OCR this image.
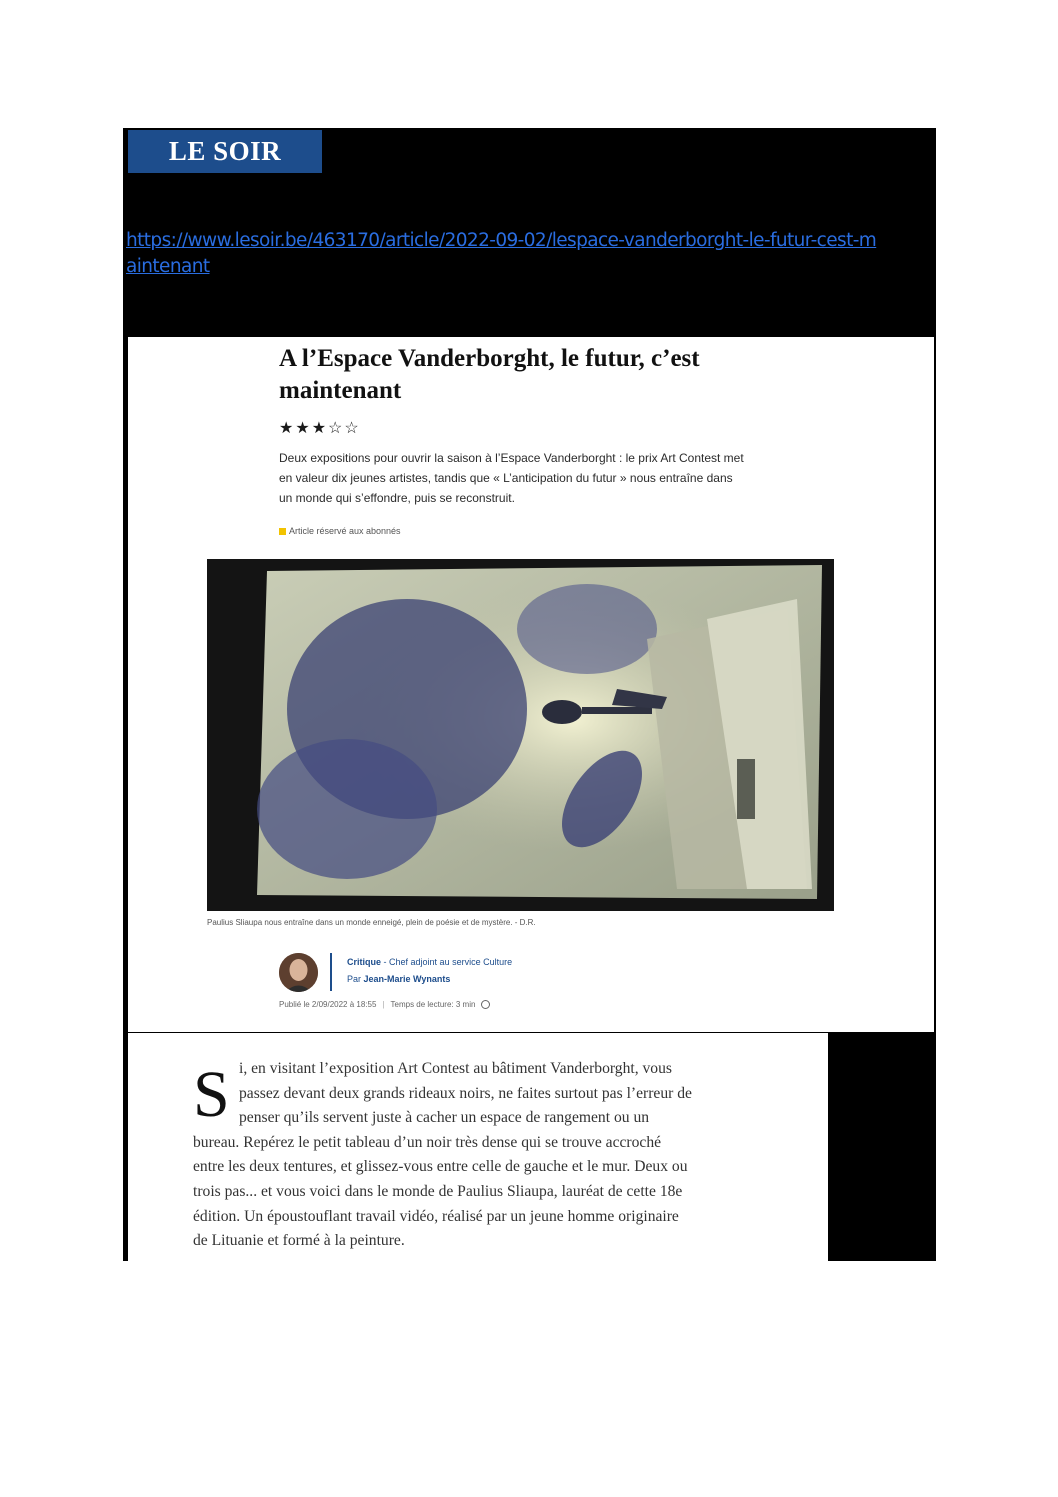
LE SOIR
https://www.lesoir.be/463170/article/2022-09-02/lespace-vanderborght-le-futur-cest-maintenant
A l’Espace Vanderborght, le futur, c’est maintenant
★ ★ ★ ☆ ☆

Deux expositions pour ouvrir la saison à l’Espace Vanderborght : le prix Art Contest met en valeur dix jeunes artistes, tandis que « L’anticipation du futur » nous entraîne dans un monde qui s’effondre, puis se reconstruit.

Article réservé aux abonnés
Paulius Sliaupa nous entraîne dans un monde enneigé, plein de poésie et de mystère. - D.R.
Critique - Chef adjoint au service Culture
Par Jean-Marie Wynants
Publié le 2/09/2022 à 18:55 | Temps de lecture: 3 min
S i, en visitant l’exposition Art Contest au bâtiment Vanderborght, vous
passez devant deux grands rideaux noirs, ne faites surtout pas l’erreur de
penser qu’ils servent juste à cacher un espace de rangement ou un
bureau. Repérez le petit tableau d’un noir très dense qui se trouve accroché
entre les deux tentures, et glissez-vous entre celle de gauche et le mur. Deux ou
trois pas... et vous voici dans le monde de Paulius Sliaupa, lauréat de cette 18e
édition. Un époustouflant travail vidéo, réalisé par un jeune homme originaire
de Lituanie et formé à la peinture.
